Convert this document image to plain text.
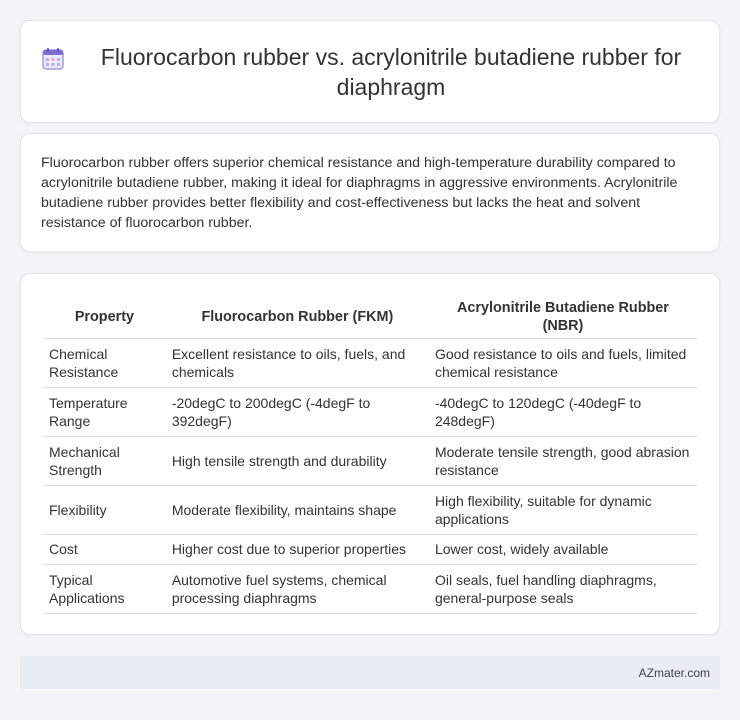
Fluorocarbon rubber vs. acrylonitrile butadiene rubber for diaphragm

Fluorocarbon rubber offers superior chemical resistance and high-temperature durability compared to acrylonitrile butadiene rubber, making it ideal for diaphragms in aggressive environments. Acrylonitrile butadiene rubber provides better flexibility and cost-effectiveness but lacks the heat and solvent resistance of fluorocarbon rubber.

Property	Fluorocarbon Rubber (FKM)	Acrylonitrile Butadiene Rubber (NBR)
Chemical Resistance	Excellent resistance to oils, fuels, and chemicals	Good resistance to oils and fuels, limited chemical resistance
Temperature Range	-20degC to 200degC (-4degF to 392degF)	-40degC to 120degC (-40degF to 248degF)
Mechanical Strength	High tensile strength and durability	Moderate tensile strength, good abrasion resistance
Flexibility	Moderate flexibility, maintains shape	High flexibility, suitable for dynamic applications
Cost	Higher cost due to superior properties	Lower cost, widely available
Typical Applications	Automotive fuel systems, chemical processing diaphragms	Oil seals, fuel handling diaphragms, general-purpose seals
AZmater.com
